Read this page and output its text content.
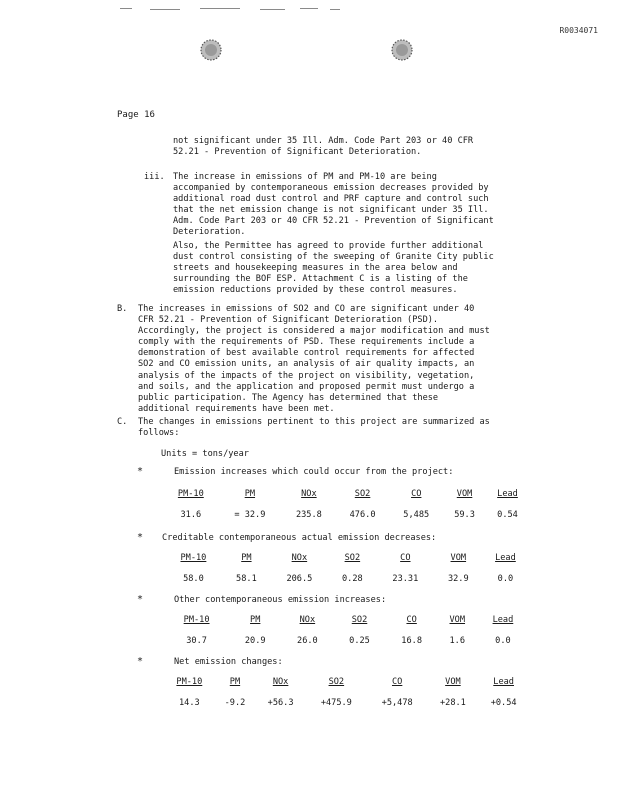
R0034071
Page 16
not significant under 35 Ill. Adm. Code Part 203 or 40 CFR
52.21 - Prevention of Significant Deterioration.
iii. The increase in emissions of PM and PM-10 are being
accompanied by contemporaneous emission decreases provided by
additional road dust control and PRF capture and control such
that the net emission change is not significant under 35 Ill.
Adm. Code Part 203 or 40 CFR 52.21 - Prevention of Significant
Deterioration.
Also, the Permittee has agreed to provide further additional
dust control consisting of the sweeping of Granite City public
streets and housekeeping measures in the area below and
surrounding the BOF ESP. Attachment C is a listing of the
emission reductions provided by these control measures.
B. The increases in emissions of SO2 and CO are significant under 40
CFR 52.21 - Prevention of Significant Deterioration (PSD).
Accordingly, the project is considered a major modification and must
comply with the requirements of PSD. These requirements include a
demonstration of best available control requirements for affected
SO2 and CO emission units, an analysis of air quality impacts, an
analysis of the impacts of the project on visibility, vegetation,
and soils, and the application and proposed permit must undergo a
public participation. The Agency has determined that these
additional requirements have been met.
C. The changes in emissions pertinent to this project are summarized as
follows:
Units = tons/year
*	Emission increases which could occur from the project:
PM-10	PM	NOx	SO2	CO	VOM	Lead
31.6	= 32.9	235.8	476.0	5,485	59.3	0.54
* Creditable contemporaneous actual emission decreases:
PM-10	PM	NOx	SO2	CO	VOM	Lead
58.0	58.1	206.5	0.28	23.31	32.9	0.0
*	Other contemporaneous emission increases:
PM-10	PM	NOx	SO2	CO	VOM	Lead
30.7	20.9	26.0	0.25	16.8	1.6	0.0
*	Net emission changes:
PM-10	PM	NOx	SO2	CO	VOM	Lead
14.3	-9.2	+56.3	+475.9	+5,478	+28.1	+0.54
